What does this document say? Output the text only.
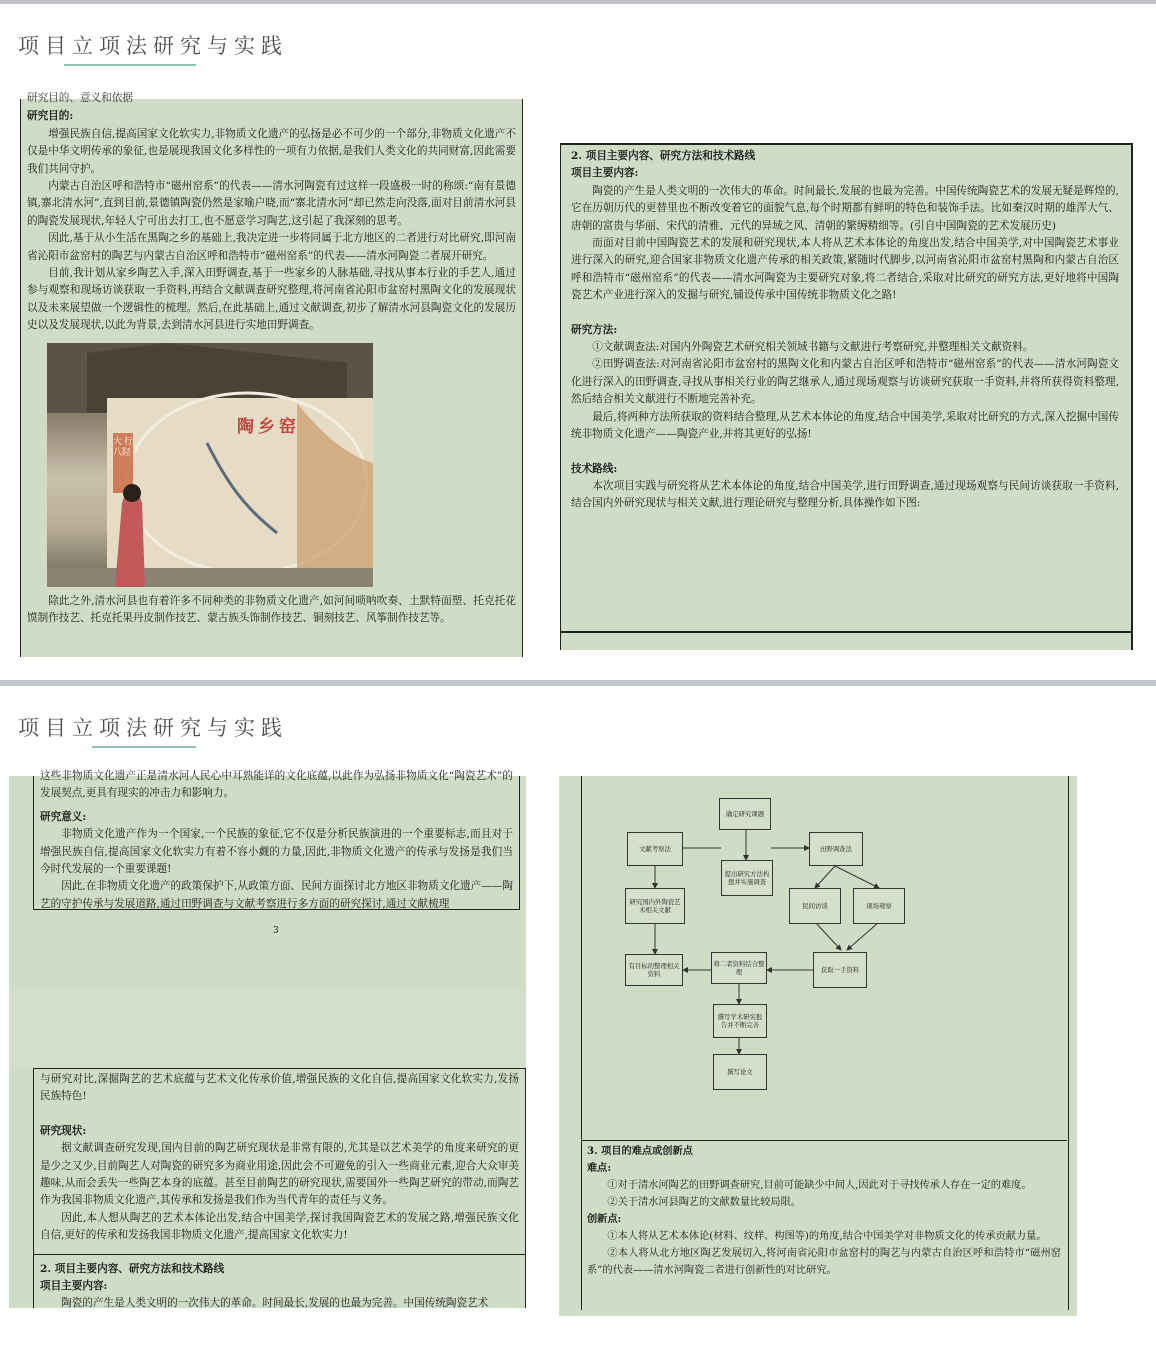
项目立项法研究与实践

研究目的、意义和依据

研究目的:

增强民族自信,提高国家文化软实力,非物质文化遗产的弘扬是必不可少的一个部分,非物质文化遗产不仅是中华文明传承的象征,也是展现我国文化多样性的一项有力依据,是我们人类文化的共同财富,因此需要我们共同守护。

内蒙古自治区呼和浩特市“磁州窑系”的代表——清水河陶瓷有过这样一段盛极一时的称颂:“南有景德镇,寨北清水河”,直到目前,景德镇陶瓷仍然是家喻户晓,而“寨北清水河”却已然走向没落,面对目前清水河县的陶瓷发展现状,年轻人宁可出去打工,也不愿意学习陶艺,这引起了我深刻的思考。

因此,基于从小生活在黑陶之乡的基础上,我决定进一步将同属于北方地区的二者进行对比研究,即河南省沁阳市盆窑村的陶艺与内蒙古自治区呼和浩特市“磁州窑系”的代表——清水河陶瓷二者展开研究。

目前,我计划从家乡陶艺入手,深入田野调查,基于一些家乡的人脉基础,寻找从事本行业的手艺人,通过参与观察和现场访谈获取一手资料,再结合文献调查研究整理,将河南省沁阳市盆窑村黑陶文化的发展现状以及未来展望做一个逻辑性的梳理。然后,在此基础上,通过文献调查,初步了解清水河县陶瓷文化的发展历史以及发展现状,以此为背景,去到清水河县进行实地田野调查。

陶乡窑
大行八陉

除此之外,清水河县也有着许多不同种类的非物质文化遗产,如河间唢呐吹奏、土默特面塑、托克托花馍制作技艺、托克托果丹皮制作技艺、蒙古族头饰制作技艺、铜刻技艺、风筝制作技艺等。

2. 项目主要内容、研究方法和技术路线

项目主要内容:

陶瓷的产生是人类文明的一次伟大的革命。时间最长,发展的也最为完善。中国传统陶瓷艺术的发展无疑是辉煌的,它在历朝历代的更替里也不断改变着它的面貌气息,每个时期都有鲜明的特色和装饰手法。比如秦汉时期的雄浑大气、唐朝的富贵与华丽、宋代的清雅、元代的异域之风、清朝的繁缛精细等。(引自中国陶瓷的艺术发展历史)

而面对目前中国陶瓷艺术的发展和研究现状,本人将从艺术本体论的角度出发,结合中国美学,对中国陶瓷艺术事业进行深入的研究,迎合国家非物质文化遗产传承的相关政策,紧随时代脚步,以河南省沁阳市盆窑村黑陶和内蒙古自治区呼和浩特市“磁州窑系”的代表——清水河陶瓷为主要研究对象,将二者结合,采取对比研究的研究方法,更好地将中国陶瓷艺术产业进行深入的发掘与研究,铺设传承中国传统非物质文化之路!

研究方法:

①文献调查法:对国内外陶瓷艺术研究相关领域书籍与文献进行考察研究,并整理相关文献资料。

②田野调查法:对河南省沁阳市盆窑村的黑陶文化和内蒙古自治区呼和浩特市“磁州窑系”的代表——清水河陶瓷文化进行深入的田野调查,寻找从事相关行业的陶艺继承人,通过现场观察与访谈研究获取一手资料,并将所获得资料整理,然后结合相关文献进行不断地完善补充。

最后,将两种方法所获取的资料结合整理,从艺术本体论的角度,结合中国美学,采取对比研究的方式,深入挖掘中国传统非物质文化遗产——陶瓷产业,并将其更好的弘扬!

技术路线:

本次项目实践与研究将从艺术本体论的角度,结合中国美学,进行田野调查,通过现场观察与民间访谈获取一手资料,结合国内外研究现状与相关文献,进行理论研究与整理分析,具体操作如下图:

项目立项法研究与实践

这些非物质文化遗产正是清水河人民心中耳熟能详的文化底蕴,以此作为弘扬非物质文化“陶瓷艺术”的发展契点,更具有现实的冲击力和影响力。

研究意义:

非物质文化遗产作为一个国家,一个民族的象征,它不仅是分析民族演进的一个重要标志,而且对于增强民族自信,提高国家文化软实力有着不容小觑的力量,因此,非物质文化遗产的传承与发扬是我们当今时代发展的一个重要课题!

因此,在非物质文化遗产的政策保护下,从政策方面、民间方面探讨北方地区非物质文化遗产——陶艺的守护传承与发展道路,通过田野调查与文献考察进行多方面的研究探讨,通过文献梳理

3

与研究对比,深掘陶艺的艺术底蕴与艺术文化传承价值,增强民族的文化自信,提高国家文化软实力,发扬民族特色!

研究现状:

据文献调查研究发现,国内目前的陶艺研究现状是非常有限的,尤其是以艺术美学的角度来研究的更是少之又少,目前陶艺人对陶瓷的研究多为商业用途,因此会不可避免的引入一些商业元素,迎合大众审美趣味,从而会丢失一些陶艺本身的底蕴。甚至目前陶艺的研究现状,需要国外一些陶艺研究的带动,而陶艺作为我国非物质文化遗产,其传承和发扬是我们作为当代青年的责任与义务。

因此,本人想从陶艺的艺术本体论出发,结合中国美学,探讨我国陶瓷艺术的发展之路,增强民族文化自信,更好的传承和发扬我国非物质文化遗产,提高国家文化软实力!

2. 项目主要内容、研究方法和技术路线

项目主要内容:

陶瓷的产生是人类文明的一次伟大的革命。时间最长,发展的也最为完善。中国传统陶瓷艺术

确定研究课题
文献考察法	田野调查法
提出研究方法构想并实施调查
研究国内外陶瓷艺术相关文献	民间访谈	现场观察
有目标的整理相关资料
将二者资料结合整理	获取一手资料
撰写学术研究报告并不断完善
撰写论文

3. 项目的难点或创新点

难点:

①对于清水河陶艺的田野调查研究,目前可能缺少中间人,因此对于寻找传承人存在一定的难度。

②关于清水河县陶艺的文献数量比较局限。

创新点:

①本人将从艺术本体论(材料、纹样、构图等)的角度,结合中国美学对非物质文化的传承贡献力量。

②本人将从北方地区陶艺发展切入,将河南省沁阳市盆窑村的陶艺与内蒙古自治区呼和浩特市“磁州窑系”的代表——清水河陶瓷二者进行创新性的对比研究。
